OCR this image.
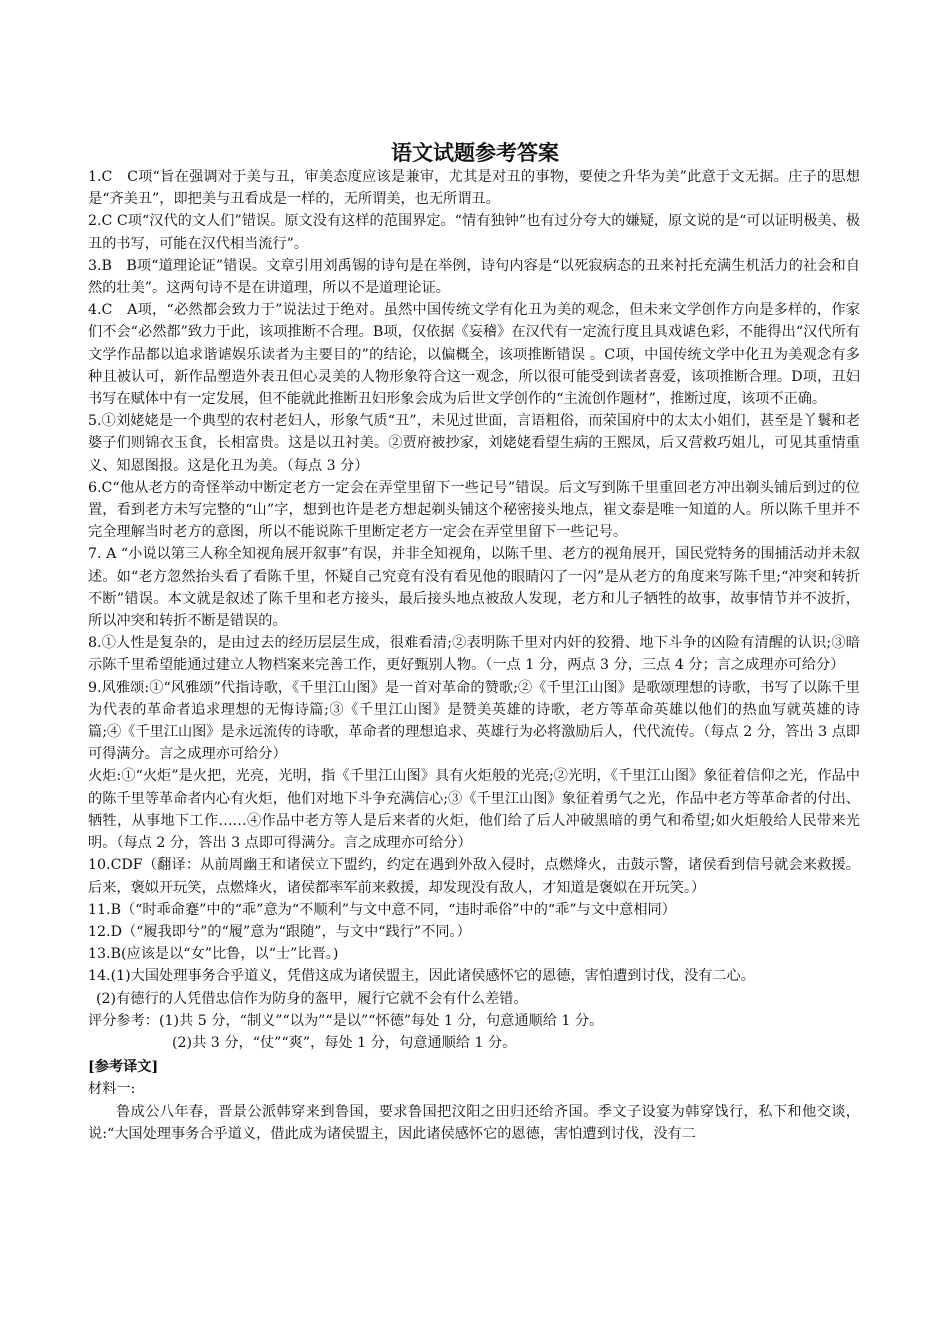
语文试题参考答案

1.C　C项“旨在强调对于美与丑，审美态度应该是兼审，尤其是对丑的事物，要使之升华为美”此意于文无据。庄子的思想是“齐美丑”，即把美与丑看成是一样的，无所谓美，也无所谓丑。

2.C C项“汉代的文人们”错误。原文没有这样的范围界定。“情有独钟”也有过分夸大的嫌疑，原文说的是“可以证明极美、极丑的书写，可能在汉代相当流行”。

3.B　B项“道理论证”错误。文章引用刘禹锡的诗句是在举例，诗句内容是“以死寂病态的丑来衬托充满生机活力的社会和自然的壮美”。这两句诗不是在讲道理，所以不是道理论证。

4.C　A项，“必然都会致力于”说法过于绝对。虽然中国传统文学有化丑为美的观念，但未来文学创作方向是多样的，作家们不会“必然都”致力于此，该项推断不合理。B项，仅依据《妄稽》在汉代有一定流行度且具戏谑色彩，不能得出“汉代所有文学作品都以追求谐谑娱乐读者为主要目的”的结论，以偏概全，该项推断错误 。C项，中国传统文学中化丑为美观念有多种且被认可，新作品塑造外表丑但心灵美的人物形象符合这一观念，所以很可能受到读者喜爱，该项推断合理。D项，丑妇书写在赋体中有一定发展，但不能就此推断丑妇形象会成为后世文学创作的“主流创作题材”，推断过度，该项不正确。

5.①刘姥姥是一个典型的农村老妇人，形象气质“丑”，未见过世面，言语粗俗，而荣国府中的太太小姐们，甚至是丫鬟和老婆子们则锦衣玉食，长相富贵。这是以丑衬美。②贾府被抄家，刘姥姥看望生病的王熙凤，后又营救巧姐儿，可见其重情重义、知恩图报。这是化丑为美。（每点 3 分）

6.C“他从老方的奇怪举动中断定老方一定会在弄堂里留下一些记号”错误。后文写到陈千里重回老方冲出剃头铺后到过的位置，看到老方未写完整的“山”字，想到也许是老方想起剃头铺这个秘密接头地点，崔文泰是唯一知道的人。所以陈千里并不完全理解当时老方的意图，所以不能说陈千里断定老方一定会在弄堂里留下一些记号。

7. A “小说以第三人称全知视角展开叙事”有误，并非全知视角，以陈千里、老方的视角展开，国民党特务的围捕活动并未叙述。如“老方忽然抬头看了看陈千里，怀疑自己究竟有没有看见他的眼睛闪了一闪”是从老方的角度来写陈千里;“冲突和转折不断”错误。本文就是叙述了陈千里和老方接头，最后接头地点被敌人发现，老方和儿子牺牲的故事，故事情节并不波折，所以冲突和转折不断是错误的。

8.①人性是复杂的，是由过去的经历层层生成，很难看清;②表明陈千里对内奸的狡猾、地下斗争的凶险有清醒的认识;③暗示陈千里希望能通过建立人物档案来完善工作，更好甄别人物。（一点 1 分，两点 3 分，三点 4 分；言之成理亦可给分）

9.风雅颂:①“风雅颂”代指诗歌，《千里江山图》是一首对革命的赞歌;②《千里江山图》是歌颂理想的诗歌，书写了以陈千里为代表的革命者追求理想的无悔诗篇;③《千里江山图》是赞美英雄的诗歌，老方等革命英雄以他们的热血写就英雄的诗篇;④《千里江山图》是永远流传的诗歌，革命者的理想追求、英雄行为必将激励后人，代代流传。（每点 2 分，答出 3 点即可得满分。言之成理亦可给分）

火炬:①“火炬”是火把，光亮，光明，指《千里江山图》具有火炬般的光亮;②光明，《千里江山图》象征着信仰之光，作品中的陈千里等革命者内心有火炬，他们对地下斗争充满信心;③《千里江山图》象征着勇气之光，作品中老方等革命者的付出、牺牲，从事地下工作……④作品中老方等人是后来者的火炬，他们给了后人冲破黑暗的勇气和希望;如火炬般给人民带来光明。（每点 2 分，答出 3 点即可得满分。言之成理亦可给分）

10.CDF（翻译：从前周幽王和诸侯立下盟约，约定在遇到外敌入侵时，点燃烽火，击鼓示警，诸侯看到信号就会来救援。后来，褒姒开玩笑，点燃烽火，诸侯都率军前来救援，却发现没有敌人，才知道是褒姒在开玩笑。）

11.B（“时乖命蹇”中的“乖”意为“不顺利”与文中意不同，“违时乖俗”中的“乖”与文中意相同）

12.D（“履我即兮”的“履”意为“跟随”，与文中“践行”不同。）

13.B(应该是以“女”比鲁，以“士”比晋。)

14.(1)大国处理事务合乎道义，凭借这成为诸侯盟主，因此诸侯感怀它的恩德，害怕遭到讨伐，没有二心。

(2)有德行的人凭借忠信作为防身的盔甲，履行它就不会有什么差错。

评分参考：(1)共 5 分，“制义”“以为”“是以”“怀德”每处 1 分，句意通顺给 1 分。

(2)共 3 分，“仗”“爽”，每处 1 分，句意通顺给 1 分。

[参考译文]

材料一:

鲁成公八年春，晋景公派韩穿来到鲁国，要求鲁国把汶阳之田归还给齐国。季文子设宴为韩穿饯行，私下和他交谈，说:“大国处理事务合乎道义，借此成为诸侯盟主，因此诸侯感怀它的恩德，害怕遭到讨伐，没有二
